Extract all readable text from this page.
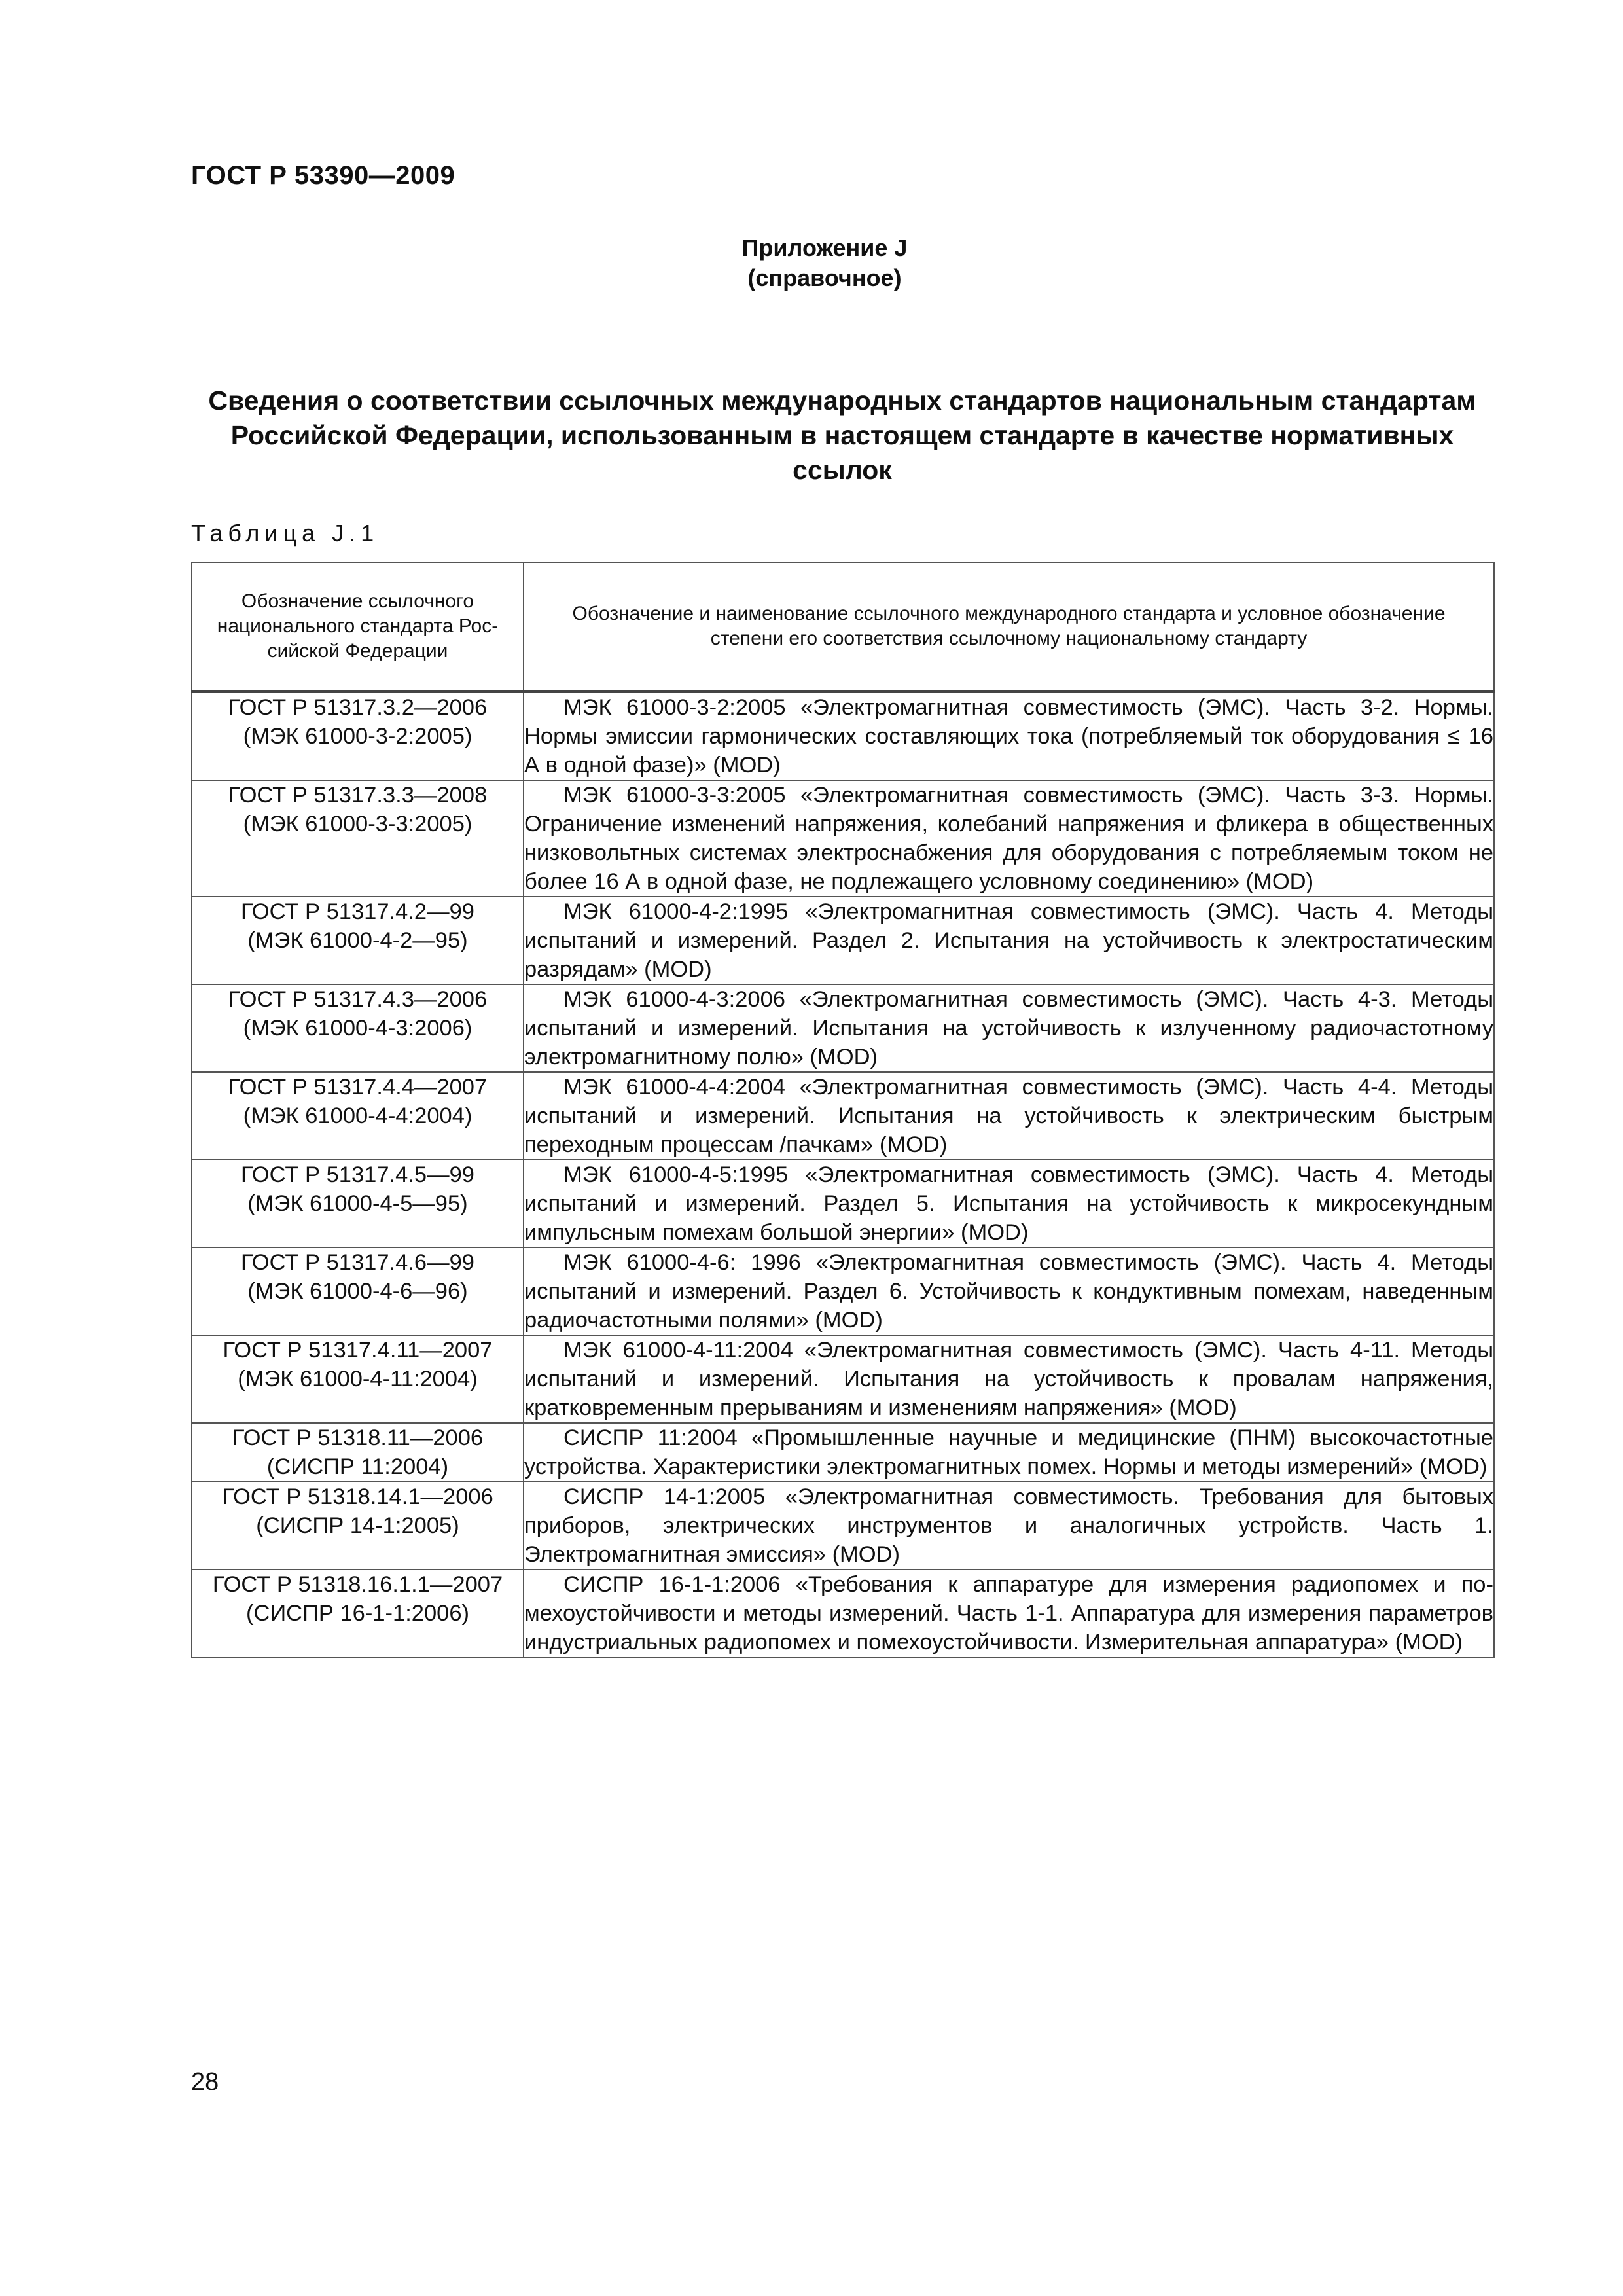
ГОСТ Р 53390—2009
Приложение J
(справочное)
Сведения о соответствии ссылочных международных стандартов национальным стандартам Российской Федерации, использованным в настоящем стандарте в качестве нормативных ссылок
Таблица J.1
Обозначение ссылочного национального стандарта Российской Федерации	Обозначение и наименование ссылочного международного стандарта и условное обозначение степени его соответствия ссылочному национальному стандарту

ГОСТ Р 51317.3.2—2006
(МЭК 61000-3-2:2005)	МЭК 61000-3-2:2005 «Электромагнитная совместимость (ЭМС). Часть 3-2. Нормы. Нормы эмиссии гармонических составляющих тока (потребляемый ток оборудования ≤ 16 А в одной фазе)» (MOD)

ГОСТ Р 51317.3.3—2008
(МЭК 61000-3-3:2005)	МЭК 61000-3-3:2005 «Электромагнитная совместимость (ЭМС). Часть 3-3. Нормы. Ограничение изменений напряжения, колебаний напряжения и фликера в общественных низковольтных системах электроснабжения для оборудования с потребляемым током не более 16 А в одной фазе, не подлежащего условному соединению» (MOD)

ГОСТ Р 51317.4.2—99
(МЭК 61000-4-2—95)	МЭК 61000-4-2:1995 «Электромагнитная совместимость (ЭМС). Часть 4. Методы испытаний и измерений. Раздел 2. Испытания на устойчивость к электростатическим разрядам» (MOD)

ГОСТ Р 51317.4.3—2006
(МЭК 61000-4-3:2006)	МЭК 61000-4-3:2006 «Электромагнитная совместимость (ЭМС). Часть 4-3. Методы испытаний и измерений. Испытания на устойчивость к излученному радиочастотному электромагнитному полю» (MOD)

ГОСТ Р 51317.4.4—2007
(МЭК 61000-4-4:2004)	МЭК 61000-4-4:2004 «Электромагнитная совместимость (ЭМС). Часть 4-4. Методы испытаний и измерений. Испытания на устойчивость к электрическим быстрым переходным процессам /пачкам» (MOD)

ГОСТ Р 51317.4.5—99
(МЭК 61000-4-5—95)	МЭК 61000-4-5:1995 «Электромагнитная совместимость (ЭМС). Часть 4. Методы испытаний и измерений. Раздел 5. Испытания на устойчивость к микросекундным импульсным помехам большой энергии» (MOD)

ГОСТ Р 51317.4.6—99
(МЭК 61000-4-6—96)	МЭК 61000-4-6: 1996 «Электромагнитная совместимость (ЭМС). Часть 4. Методы испытаний и измерений. Раздел 6. Устойчивость к кондуктивным помехам, наведенным радиочастотными полями» (MOD)

ГОСТ Р 51317.4.11—2007
(МЭК 61000-4-11:2004)	МЭК 61000-4-11:2004 «Электромагнитная совместимость (ЭМС). Часть 4-11. Методы испытаний и измерений. Испытания на устойчивость к провалам напряжения, кратковременным прерываниям и изменениям напряжения» (MOD)

ГОСТ Р 51318.11—2006
(СИСПР 11:2004)	СИСПР 11:2004 «Промышленные научные и медицинские (ПНМ) высокочастотные устройства. Характеристики электромагнитных помех. Нормы и методы измерений» (MOD)

ГОСТ Р 51318.14.1—2006
(СИСПР 14-1:2005)	СИСПР 14-1:2005 «Электромагнитная совместимость. Требования для бытовых приборов, электрических инструментов и аналогичных устройств. Часть 1. Электромагнитная эмиссия» (MOD)

ГОСТ Р 51318.16.1.1—2007
(СИСПР 16-1-1:2006)	СИСПР 16-1-1:2006 «Требования к аппаратуре для измерения радиопомех и помехоустойчивости и методы измерений. Часть 1-1. Аппаратура для измерения параметров индустриальных радиопомех и помехоустойчивости. Измерительная аппаратура» (MOD)
28
